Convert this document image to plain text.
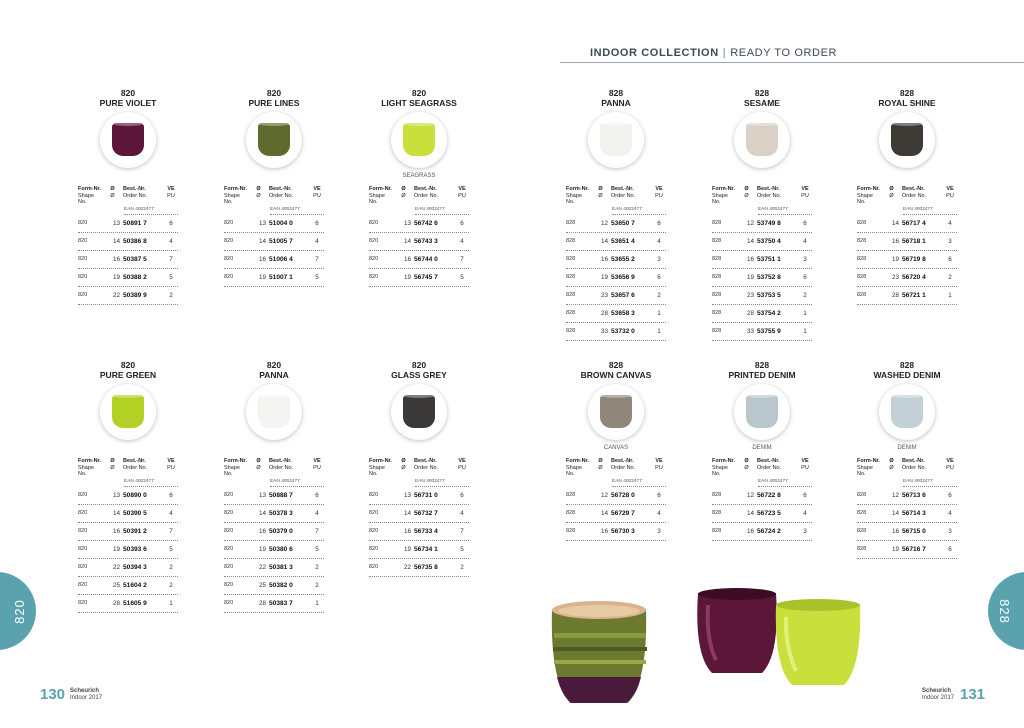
INDOOR COLLECTION | READY TO ORDER
820
PURE VIOLET
Form-Nr.	Ø	Best.-Nr.	VE
Shape No.
Ø	Order No.	PU
EAN 4002477
820	13 50891 7	6
820	14 50386 8	4
820	16 50387 5	7
820	19 50388 2	5
820	22 50389 9	2
820
PURE LINES
Form-Nr.	Ø	Best.-Nr.	VE
Shape No.
Ø	Order No.	PU
EAN 4002477
820	13 51004 0	6
820	14 51005 7	4
820	16 51006 4	7
820	19 51007 1	5
820
LIGHT SEAGRASS
SEAGRASS
Form-Nr.	Ø	Best.-Nr.	VE
Shape No.
Ø	Order No.	PU
EAN 4002477
820	13 56742 6	6
820	14 56743 3	4
820	16 56744 0	7
820	19 56745 7	5
828
PANNA
Form-Nr.	Ø	Best.-Nr.	VE
Shape No.
Ø	Order No.	PU
EAN 4002477
828	12 53650 7	6
828	14 53651 4	4
828	16 53655 2	3
828	19 53656 9	6
828	23 53657 6	2
828	28 53658 3	1
828	33 53732 0	1
828
SESAME
Form-Nr.	Ø	Best.-Nr.	VE
Shape No.
Ø	Order No.	PU
EAN 4002477
828	12 53749 8	6
828	14 53750 4	4
828	16 53751 1	3
828	19 53752 8	6
828	23 53753 5	2
828	28 53754 2	1
828	33 53755 9	1
828
ROYAL SHINE
Form-Nr.	Ø	Best.-Nr.	VE
Shape No.
Ø	Order No.	PU
EAN 4002477
828	14 56717 4	4
828	16 56718 1	3
828	19 56719 8	6
828	23 56720 4	2
828	28 56721 1	1
820
PURE GREEN
Form-Nr.	Ø	Best.-Nr.	VE
Shape No.
Ø	Order No.	PU
EAN 4002477
820	13 50890 0	6
820	14 50390 5	4
820	16 50391 2	7
820	19 50393 6	5
820	22 50394 3	2
820	25 51604 2	2
820	28 51605 9	1
820
PANNA
Form-Nr.	Ø	Best.-Nr.	VE
Shape No.
Ø	Order No.	PU
EAN 4002477
820	13 50888 7	6
820	14 50378 3	4
820	16 50379 0	7
820	19 50380 6	5
820	22 50381 3	2
820	25 50382 0	2
820	28 50383 7	1
820
GLASS GREY
Form-Nr.	Ø	Best.-Nr.	VE
Shape No.
Ø	Order No.	PU
EAN 4002477
820	13 56731 0	6
820	14 56732 7	4
820	16 56733 4	7
820	19 56734 1	5
820	22 56735 8	2
828
BROWN CANVAS
CANVAS
Form-Nr.	Ø	Best.-Nr.	VE
Shape No.
Ø	Order No.	PU
EAN 4002477
828	12 56728 0	6
828	14 56729 7	4
828	16 56730 3	3
828
PRINTED DENIM
DENIM
Form-Nr.	Ø	Best.-Nr.	VE
Shape No.
Ø	Order No.	PU
EAN 4002477
828	12 56722 8	6
828	14 56723 5	4
828	16 56724 2	3
828
WASHED DENIM
DENIM
Form-Nr.	Ø	Best.-Nr.	VE
Shape No.
Ø	Order No.	PU
EAN 4002477
828	12 56713 6	6
828	14 56714 3	4
828	16 56715 0	3
828	19 56716 7	6
820	828
130 Scheurich
Indoor 2017
Scheurich
Indoor 2017 131
